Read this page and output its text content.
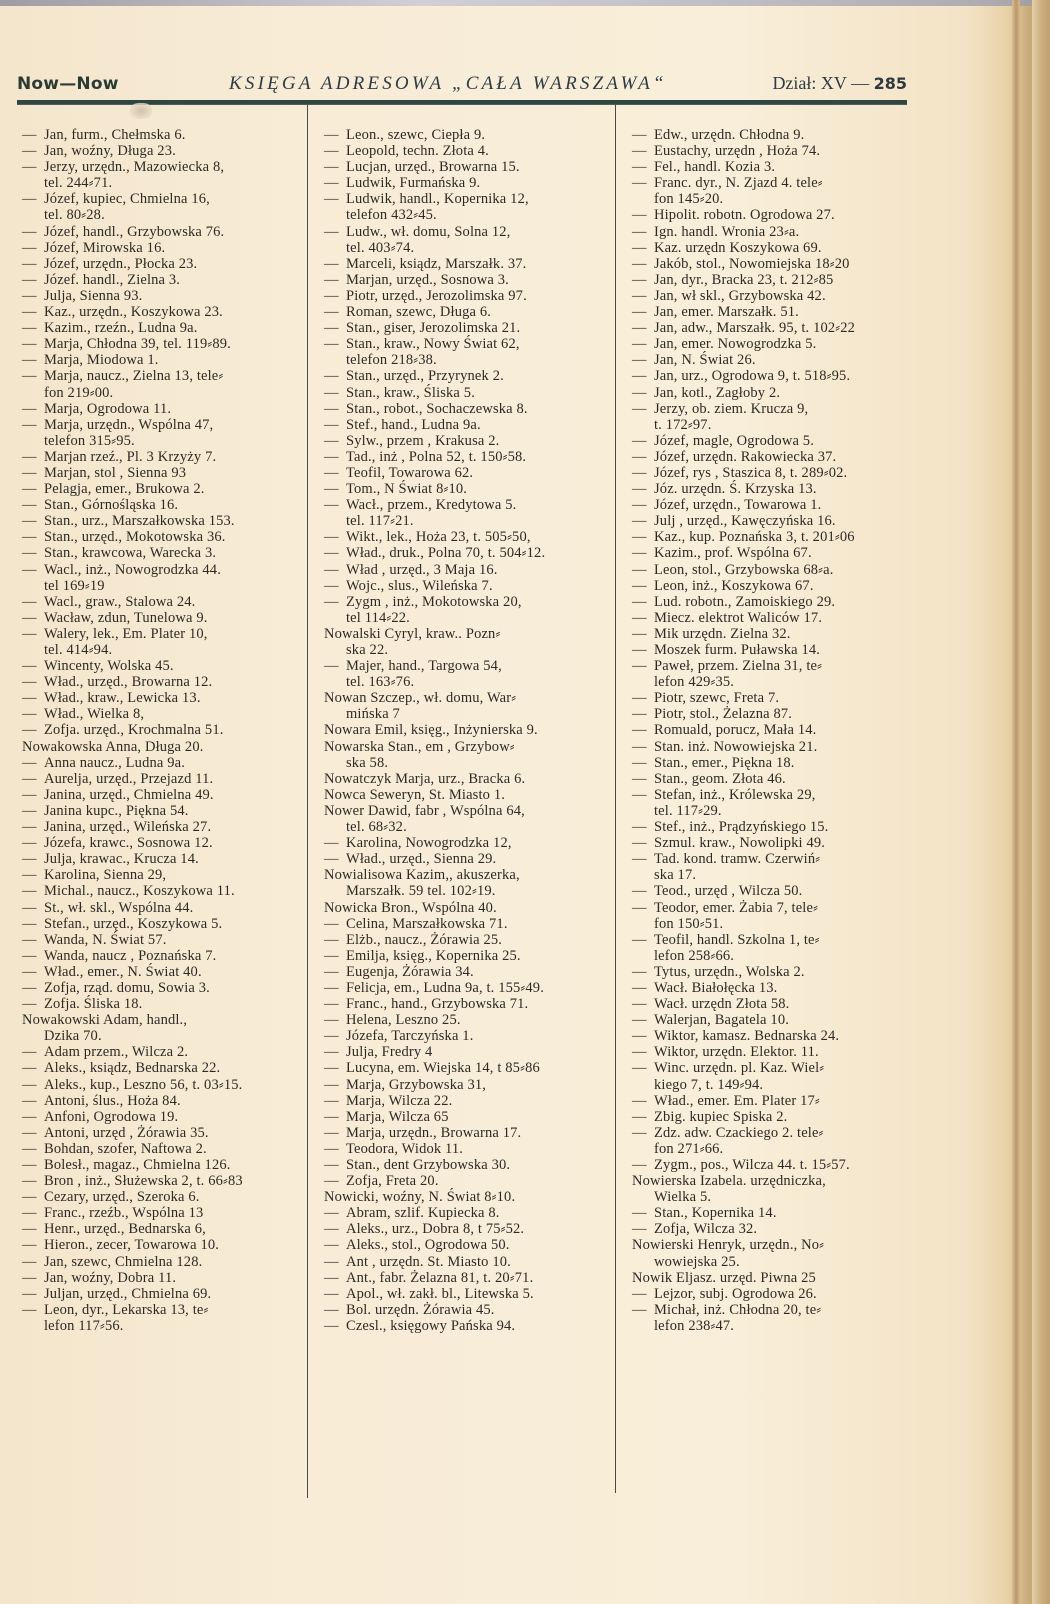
Now—Now	KSIĘGA ADRESOWA „CAŁA WARSZAWA“	Dział: XV — 285
— Jan, furm., Chełmska 6.
— Jan, woźny, Długa 23.
— Jerzy, urzędn., Mazowiecka 8,
tel. 244⸗71.
— Józef, kupiec, Chmielna 16,
tel. 80⸗28.
— Józef, handl., Grzybowska 76.
— Józef, Mirowska 16.
— Józef, urzędn., Płocka 23.
— Józef. handl., Zielna 3.
— Julja, Sienna 93.
— Kaz., urzędn., Koszykowa 23.
— Kazim., rzeźn., Ludna 9a.
— Marja, Chłodna 39, tel. 119⸗89.
— Marja, Miodowa 1.
— Marja, naucz., Zielna 13, tele⸗
fon 219⸗00.
— Marja, Ogrodowa 11.
— Marja, urzędn., Wspólna 47,
telefon 315⸗95.
— Marjan rzeź., Pl. 3 Krzyży 7.
— Marjan, stol , Sienna 93
— Pelagja, emer., Brukowa 2.
— Stan., Górnośląska 16.
— Stan., urz., Marszałkowska 153.
— Stan., urzęd., Mokotowska 36.
— Stan., krawcowa, Warecka 3.
— Wacl., inż., Nowogrodzka 44.
tel 169⸗19
— Wacl., graw., Stalowa 24.
— Wacław, zdun, Tunelowa 9.
— Walery, lek., Em. Plater 10,
tel. 414⸗94.
— Wincenty, Wolska 45.
— Wład., urzęd., Browarna 12.
— Wład., kraw., Lewicka 13.
— Wład., Wielka 8,
— Zofja. urzęd., Krochmalna 51.
Nowakowska Anna, Długa 20.
— Anna naucz., Ludna 9a.
— Aurelja, urzęd., Przejazd 11.
— Janina, urzęd., Chmielna 49.
— Janina kupc., Piękna 54.
— Janina, urzęd., Wileńska 27.
— Józefa, krawc., Sosnowa 12.
— Julja, krawac., Krucza 14.
— Karolina, Sienna 29,
— Michal., naucz., Koszykowa 11.
— St., wł. skl., Wspólna 44.
— Stefan., urzęd., Koszykowa 5.
— Wanda, N. Świat 57.
— Wanda, naucz , Poznańska 7.
— Wład., emer., N. Świat 40.
— Zofja, rząd. domu, Sowia 3.
— Zofja. Śliska 18.
Nowakowski Adam, handl.,
Dzika 70.
— Adam przem., Wilcza 2.
— Aleks., ksiądz, Bednarska 22.
— Aleks., kup., Leszno 56, t. 03⸗15.
— Antoni, ślus., Hoża 84.
— Anfoni, Ogrodowa 19.
— Antoni, urzęd , Żórawia 35.
— Bohdan, szofer, Naftowa 2.
— Bolesł., magaz., Chmielna 126.
— Bron , inż., Służewska 2, t. 66⸗83
— Cezary, urzęd., Szeroka 6.
— Franc., rzeźb., Wspólna 13
— Henr., urzęd., Bednarska 6,
— Hieron., zecer, Towarowa 10.
— Jan, szewc, Chmielna 128.
— Jan, woźny, Dobra 11.
— Juljan, urzęd., Chmielna 69.
— Leon, dyr., Lekarska 13, te⸗
lefon 117⸗56.
— Leon., szewc, Ciepła 9.
— Leopold, techn. Złota 4.
— Lucjan, urzęd., Browarna 15.
— Ludwik, Furmańska 9.
— Ludwik, handl., Kopernika 12,
telefon 432⸗45.
— Ludw., wł. domu, Solna 12,
tel. 403⸗74.
— Marceli, ksiądz, Marszałk. 37.
— Marjan, urzęd., Sosnowa 3.
— Piotr, urzęd., Jerozolimska 97.
— Roman, szewc, Długa 6.
— Stan., giser, Jerozolimska 21.
— Stan., kraw., Nowy Świat 62,
telefon 218⸗38.
— Stan., urzęd., Przyrynek 2.
— Stan., kraw., Śliska 5.
— Stan., robot., Sochaczewska 8.
— Stef., hand., Ludna 9a.
— Sylw., przem , Krakusa 2.
— Tad., inż , Polna 52, t. 150⸗58.
— Teofil, Towarowa 62.
— Tom., N Świat 8⸗10.
— Wacł., przem., Kredytowa 5.
tel. 117⸗21.
— Wikt., lek., Hoża 23, t. 505⸗50,
— Wład., druk., Polna 70, t. 504⸗12.
— Wład , urzęd., 3 Maja 16.
— Wojc., slus., Wileńska 7.
— Zygm , inż., Mokotowska 20,
tel 114⸗22.
Nowalski Cyryl, kraw.. Pozn⸗
ska 22.
— Majer, hand., Targowa 54,
tel. 163⸗76.
Nowan Szczep., wł. domu, War⸗
mińska 7
Nowara Emil, księg., Inżynierska 9.
Nowarska Stan., em , Grzybow⸗
ska 58.
Nowatczyk Marja, urz., Bracka 6.
Nowca Seweryn, St. Miasto 1.
Nower Dawid, fabr , Wspólna 64,
tel. 68⸗32.
— Karolina, Nowogrodzka 12,
— Wład., urzęd., Sienna 29.
Nowialisowa Kazim,, akuszerka,
Marszałk. 59 tel. 102⸗19.
Nowicka Bron., Wspólna 40.
— Celina, Marszałkowska 71.
— Elżb., naucz., Żórawia 25.
— Emilja, księg., Kopernika 25.
— Eugenja, Żórawia 34.
— Felicja, em., Ludna 9a, t. 155⸗49.
— Franc., hand., Grzybowska 71.
— Helena, Leszno 25.
— Józefa, Tarczyńska 1.
— Julja, Fredry 4
— Lucyna, em. Wiejska 14, t 85⸗86
— Marja, Grzybowska 31,
— Marja, Wilcza 22.
— Marja, Wilcza 65
— Marja, urzędn., Browarna 17.
— Teodora, Widok 11.
— Stan., dent Grzybowska 30.
— Zofja, Freta 20.
Nowicki, woźny, N. Świat 8⸗10.
— Abram, szlif. Kupiecka 8.
— Aleks., urz., Dobra 8, t 75⸗52.
— Aleks., stol., Ogrodowa 50.
— Ant , urzędn. St. Miasto 10.
— Ant., fabr. Żelazna 81, t. 20⸗71.
— Apol., wł. zakł. bl., Litewska 5.
— Bol. urzędn. Żórawia 45.
— Czesl., księgowy Pańska 94.
— Edw., urzędn. Chłodna 9.
— Eustachy, urzędn , Hoża 74.
— Fel., handl. Kozia 3.
— Franc. dyr., N. Zjazd 4. tele⸗
fon 145⸗20.
— Hipolit. robotn. Ogrodowa 27.
— Ign. handl. Wronia 23⸗a.
— Kaz. urzędn Koszykowa 69.
— Jakób, stol., Nowomiejska 18⸗20
— Jan, dyr., Bracka 23, t. 212⸗85
— Jan, wł skl., Grzybowska 42.
— Jan, emer. Marszałk. 51.
— Jan, adw., Marszałk. 95, t. 102⸗22
— Jan, emer. Nowogrodzka 5.
— Jan, N. Świat 26.
— Jan, urz., Ogrodowa 9, t. 518⸗95.
— Jan, kotl., Zagłoby 2.
— Jerzy, ob. ziem. Krucza 9,
t. 172⸗97.
— Józef, magle, Ogrodowa 5.
— Józef, urzędn. Rakowiecka 37.
— Józef, rys , Staszica 8, t. 289⸗02.
— Józ. urzędn. Ś. Krzyska 13.
— Józef, urzędn., Towarowa 1.
— Julj , urzęd., Kawęczyńska 16.
— Kaz., kup. Poznańska 3, t. 201⸗06
— Kazim., prof. Wspólna 67.
— Leon, stol., Grzybowska 68⸗a.
— Leon, inż., Koszykowa 67.
— Lud. robotn., Zamoiskiego 29.
— Miecz. elektrot Waliców 17.
— Mik urzędn. Zielna 32.
— Moszek furm. Puławska 14.
— Paweł, przem. Zielna 31, te⸗
lefon 429⸗35.
— Piotr, szewc, Freta 7.
— Piotr, stol., Żelazna 87.
— Romuald, porucz, Mała 14.
— Stan. inż. Nowowiejska 21.
— Stan., emer., Piękna 18.
— Stan., geom. Złota 46.
— Stefan, inż., Królewska 29,
tel. 117⸗29.
— Stef., inż., Prądzyńskiego 15.
— Szmul. kraw., Nowolipki 49.
— Tad. kond. tramw. Czerwiń⸗
ska 17.
— Teod., urzęd , Wilcza 50.
— Teodor, emer. Żabia 7, tele⸗
fon 150⸗51.
— Teofil, handl. Szkolna 1, te⸗
lefon 258⸗66.
— Tytus, urzędn., Wolska 2.
— Wacł. Białołęcka 13.
— Wacł. urzędn Złota 58.
— Walerjan, Bagatela 10.
— Wiktor, kamasz. Bednarska 24.
— Wiktor, urzędn. Elektor. 11.
— Winc. urzędn. pl. Kaz. Wiel⸗
kiego 7, t. 149⸗94.
— Wład., emer. Em. Plater 17⸗
— Zbig. kupiec Spiska 2.
— Zdz. adw. Czackiego 2. tele⸗
fon 271⸗66.
— Zygm., pos., Wilcza 44. t. 15⸗57.
Nowierska Izabela. urzędniczka,
Wielka 5.
— Stan., Kopernika 14.
— Zofja, Wilcza 32.
Nowierski Henryk, urzędn., No⸗
wowiejska 25.
Nowik Eljasz. urzęd. Piwna 25
— Lejzor, subj. Ogrodowa 26.
— Michał, inż. Chłodna 20, te⸗
lefon 238⸗47.
